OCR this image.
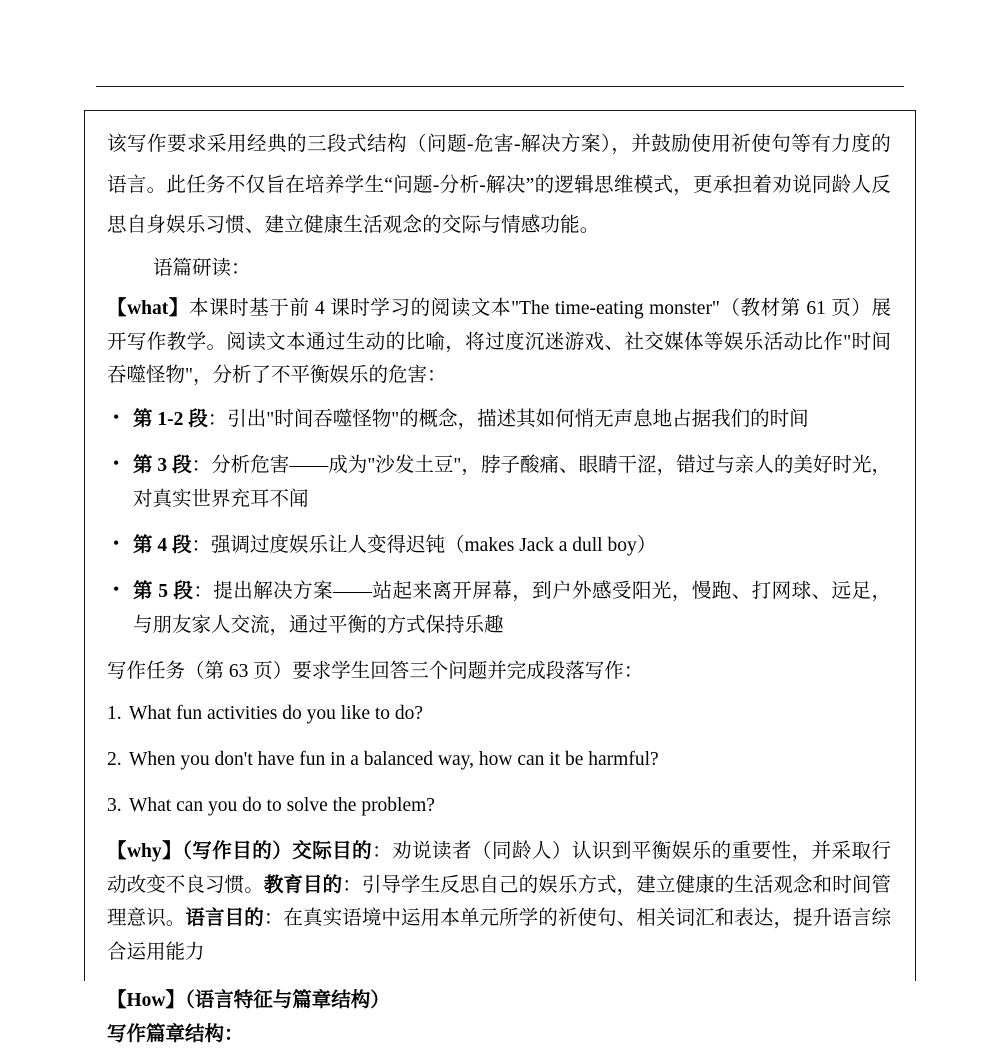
该写作要求采用经典的三段式结构（问题-危害-解决方案），并鼓励使用祈使句等有力度的语言。此任务不仅旨在培养学生“问题-分析-解决”的逻辑思维模式，更承担着劝说同龄人反思自身娱乐习惯、建立健康生活观念的交际与情感功能。

语篇研读：

【what】本课时基于前 4 课时学习的阅读文本"The time-eating monster"（教材第 61 页）展开写作教学。阅读文本通过生动的比喻，将过度沉迷游戏、社交媒体等娱乐活动比作"时间吞噬怪物"，分析了不平衡娱乐的危害：

• 第 1-2 段：引出"时间吞噬怪物"的概念，描述其如何悄无声息地占据我们的时间
• 第 3 段：分析危害——成为"沙发土豆"，脖子酸痛、眼睛干涩，错过与亲人的美好时光，对真实世界充耳不闻
• 第 4 段：强调过度娱乐让人变得迟钝（makes Jack a dull boy）
• 第 5 段：提出解决方案——站起来离开屏幕，到户外感受阳光，慢跑、打网球、远足，与朋友家人交流，通过平衡的方式保持乐趣

写作任务（第 63 页）要求学生回答三个问题并完成段落写作：

1. What fun activities do you like to do?
2. When you don't have fun in a balanced way, how can it be harmful?
3. What can you do to solve the problem?

【why】（写作目的）交际目的：劝说读者（同龄人）认识到平衡娱乐的重要性，并采取行动改变不良习惯。教育目的：引导学生反思自己的娱乐方式，建立健康的生活观念和时间管理意识。语言目的：在真实语境中运用本单元所学的祈使句、相关词汇和表达，提升语言综合运用能力

【How】（语言特征与篇章结构）

写作篇章结构：
